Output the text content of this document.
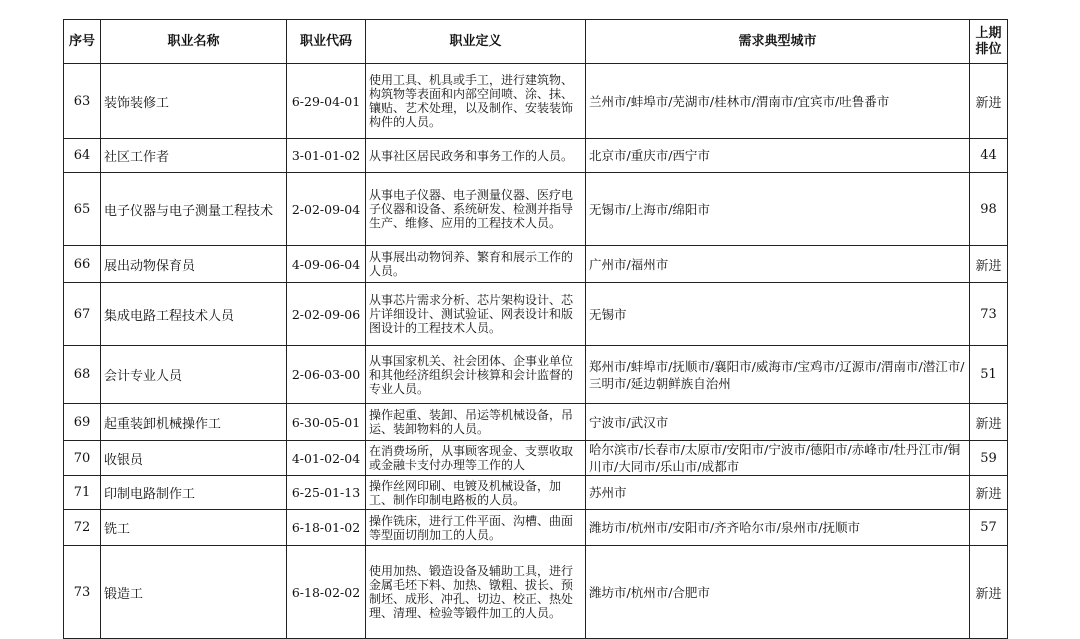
序号	职业名称	职业代码	职业定义	需求典型城市	上期
排位

63	装饰装修工	6-29-04-01	使用工具、机具或手工，进行建筑物、构筑物等表面和内部空间喷、涂、抹、镶贴、艺术处理，以及制作、安装装饰构件的人员。	兰州市/蚌埠市/芜湖市/桂林市/渭南市/宜宾市/吐鲁番市	新进
64	社区工作者	3-01-01-02	从事社区居民政务和事务工作的人员。	北京市/重庆市/西宁市	44
65	电子仪器与电子测量工程技术	2-02-09-04	从事电子仪器、电子测量仪器、医疗电子仪器和设备、系统研发、检测并指导生产、维修、应用的工程技术人员。	无锡市/上海市/绵阳市	98
66	展出动物保育员	4-09-06-04	从事展出动物饲养、繁育和展示工作的人员。	广州市/福州市	新进
67	集成电路工程技术人员	2-02-09-06	从事芯片需求分析、芯片架构设计、芯片详细设计、测试验证、网表设计和版图设计的工程技术人员。	无锡市	73
68	会计专业人员	2-06-03-00	从事国家机关、社会团体、企事业单位和其他经济组织会计核算和会计监督的专业人员。	郑州市/蚌埠市/抚顺市/襄阳市/威海市/宝鸡市/辽源市/渭南市/潜江市/三明市/延边朝鲜族自治州	51
69	起重装卸机械操作工	6-30-05-01	操作起重、装卸、吊运等机械设备，吊运、装卸物料的人员。	宁波市/武汉市	新进
70	收银员	4-01-02-04	在消费场所，从事顾客现金、支票收取或金融卡支付办理等工作的人	哈尔滨市/长春市/太原市/安阳市/宁波市/德阳市/赤峰市/牡丹江市/铜川市/大同市/乐山市/成都市	59
71	印制电路制作工	6-25-01-13	操作丝网印刷、电镀及机械设备，加工、制作印制电路板的人员。	苏州市	新进
72	铣工	6-18-01-02	操作铣床，进行工件平面、沟槽、曲面等型面切削加工的人员。	潍坊市/杭州市/安阳市/齐齐哈尔市/泉州市/抚顺市	57
73	锻造工	6-18-02-02	使用加热、锻造设备及辅助工具，进行金属毛坯下料、加热、镦粗、拔长、预制坯、成形、冲孔、切边、校正、热处理、清理、检验等锻件加工的人员。	潍坊市/杭州市/合肥市	新进
